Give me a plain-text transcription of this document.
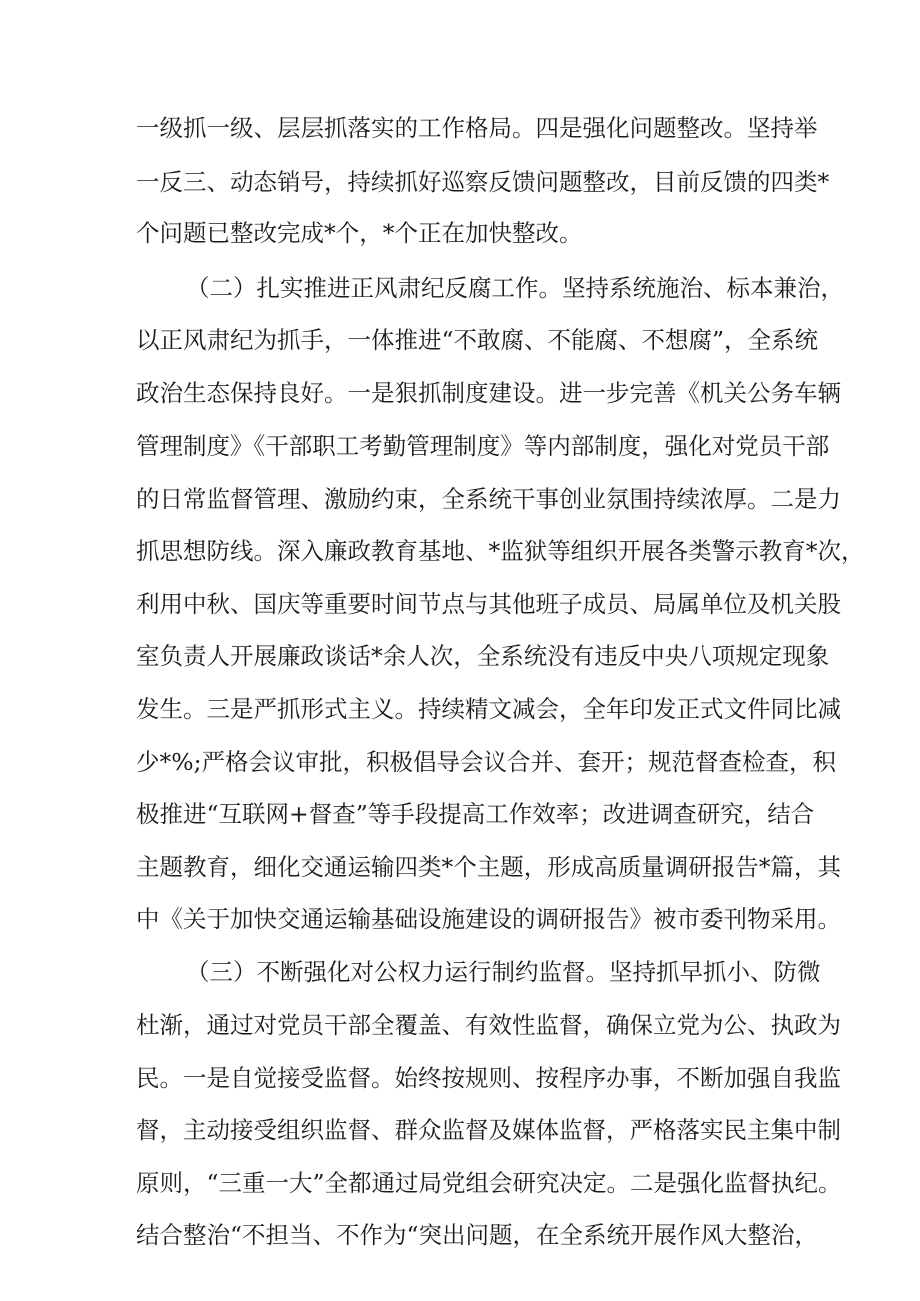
一级抓一级、层层抓落实的工作格局。四是强化问题整改。坚持举
一反三、动态销号，持续抓好巡察反馈问题整改，目前反馈的四类*
个问题已整改完成*个，*个正在加快整改。
（二）扎实推进正风肃纪反腐工作。坚持系统施治、标本兼治，
以正风肃纪为抓手，一体推进“不敢腐、不能腐、不想腐”，全系统
政治生态保持良好。一是狠抓制度建设。进一步完善《机关公务车辆
管理制度》《干部职工考勤管理制度》等内部制度，强化对党员干部
的日常监督管理、激励约束，全系统干事创业氛围持续浓厚。二是力
抓思想防线。深入廉政教育基地、*监狱等组织开展各类警示教育*次，
利用中秋、国庆等重要时间节点与其他班子成员、局属单位及机关股
室负责人开展廉政谈话*余人次，全系统没有违反中央八项规定现象
发生。三是严抓形式主义。持续精文减会，全年印发正式文件同比减
少*%;严格会议审批，积极倡导会议合并、套开；规范督查检查，积
极推进“互联网+督查”等手段提高工作效率；改进调查研究，结合
主题教育，细化交通运输四类*个主题，形成高质量调研报告*篇，其
中《关于加快交通运输基础设施建设的调研报告》被市委刊物采用。
（三）不断强化对公权力运行制约监督。坚持抓早抓小、防微
杜渐，通过对党员干部全覆盖、有效性监督，确保立党为公、执政为
民。一是自觉接受监督。始终按规则、按程序办事，不断加强自我监
督，主动接受组织监督、群众监督及媒体监督，严格落实民主集中制
原则，“三重一大”全都通过局党组会研究决定。二是强化监督执纪。
结合整治“不担当、不作为“突出问题，在全系统开展作风大整治，
